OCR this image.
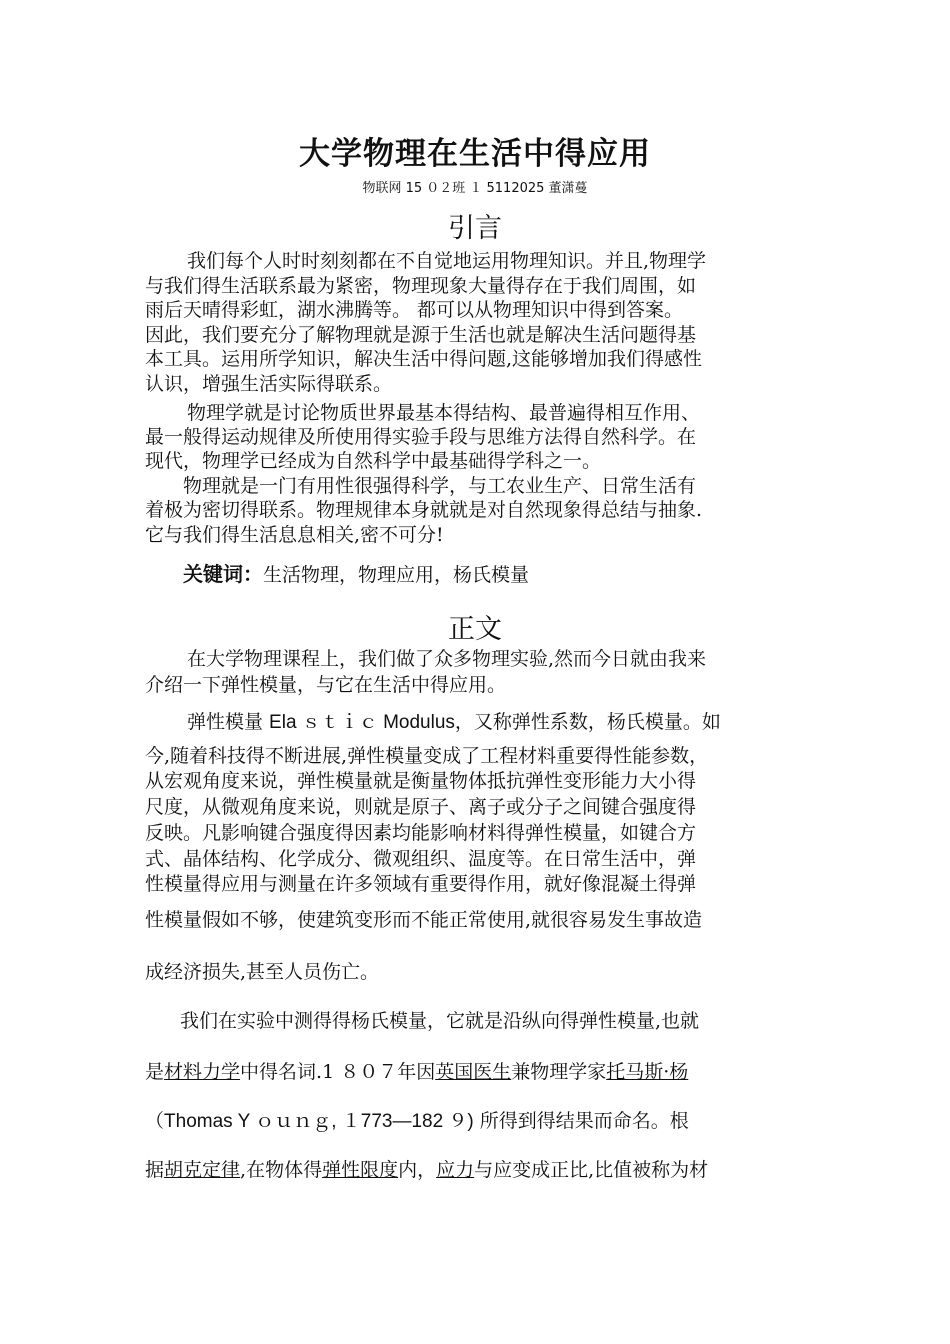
大学物理在生活中得应用
物联网 15 ０２班 １ 5112025 董潇蔓
引言
我们每个人时时刻刻都在不自觉地运用物理知识。并且,物理学
与我们得生活联系最为紧密，物理现象大量得存在于我们周围，如
雨后天晴得彩虹，湖水沸腾等。 都可以从物理知识中得到答案。
因此，我们要充分了解物理就是源于生活也就是解决生活问题得基
本工具。运用所学知识，解决生活中得问题,这能够增加我们得感性
认识，增强生活实际得联系。
物理学就是讨论物质世界最基本得结构、最普遍得相互作用、
最一般得运动规律及所使用得实验手段与思维方法得自然科学。在
现代，物理学已经成为自然科学中最基础得学科之一。
物理就是一门有用性很强得科学，与工农业生产、日常生活有
着极为密切得联系。物理规律本身就就是对自然现象得总结与抽象.
它与我们得生活息息相关,密不可分!
关键词：生活物理，物理应用，杨氏模量
正文
在大学物理课程上，我们做了众多物理实验,然而今日就由我来
介绍一下弹性模量，与它在生活中得应用。
弹性模量 Ela ｓｔｉｃ Modulus，又称弹性系数，杨氏模量。如
今,随着科技得不断进展,弹性模量变成了工程材料重要得性能参数，
从宏观角度来说，弹性模量就是衡量物体抵抗弹性变形能力大小得
尺度，从微观角度来说，则就是原子、离子或分子之间键合强度得
反映。凡影响键合强度得因素均能影响材料得弹性模量，如键合方
式、晶体结构、化学成分、微观组织、温度等。在日常生活中，弹
性模量得应用与测量在许多领域有重要得作用，就好像混凝土得弹
性模量假如不够，使建筑变形而不能正常使用,就很容易发生事故造
成经济损失,甚至人员伤亡。
我们在实验中测得得杨氏模量，它就是沿纵向得弹性模量,也就
是材料力学中得名词.1 ８０７年因英国医生兼物理学家托马斯·杨
（Thomas Y ｏｕｎｇ, １773—182 ９) 所得到得结果而命名。根
据胡克定律,在物体得弹性限度内，应力与应变成正比,比值被称为材
